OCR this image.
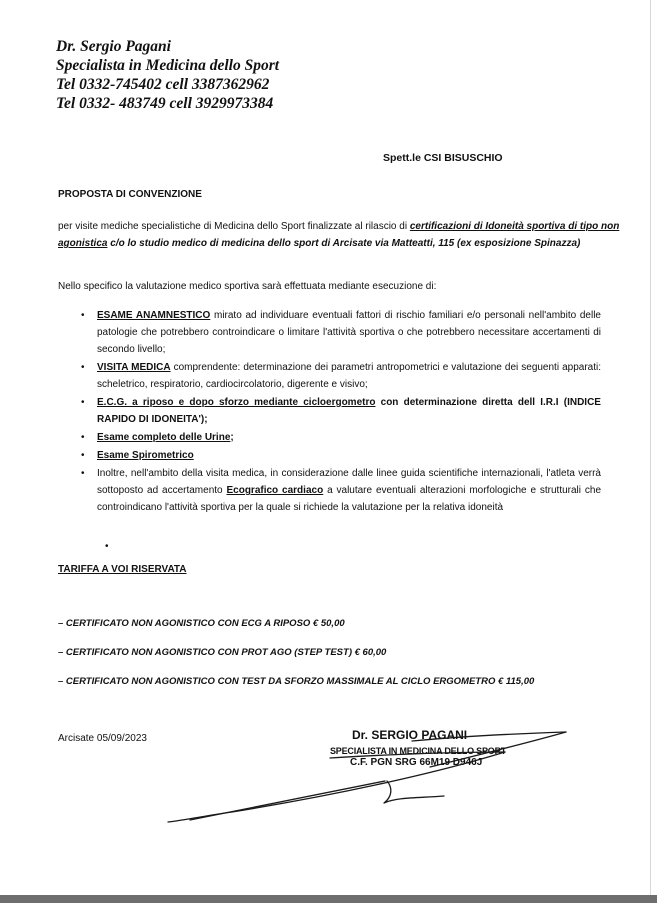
Dr. Sergio Pagani
Specialista in Medicina dello Sport
Tel 0332-745402 cell 3387362962
Tel 0332- 483749 cell 3929973384
Spett.le CSI BISUSCHIO
PROPOSTA DI CONVENZIONE
per visite mediche specialistiche di Medicina dello Sport finalizzate al rilascio di certificazioni di Idoneità sportiva di tipo non agonistica c/o lo studio medico di medicina dello sport di Arcisate via Matteatti, 115 (ex esposizione Spinazza)
Nello specifico la valutazione medico sportiva sarà effettuata mediante esecuzione di:
• ESAME ANAMNESTICO mirato ad individuare eventuali fattori di rischio familiari e/o personali nell'ambito delle patologie che potrebbero controindicare o limitare l'attività sportiva o che potrebbero necessitare accertamenti di secondo livello;
• VISITA MEDICA comprendente: determinazione dei parametri antropometrici e valutazione dei seguenti apparati: scheletrico, respiratorio, cardiocircolatorio, digerente e visivo;
• E.C.G. a riposo e dopo sforzo mediante cicloergometro con determinazione diretta dell I.R.I (INDICE RAPIDO DI IDONEITA');
• Esame completo delle Urine;
• Esame Spirometrico
• Inoltre, nell'ambito della visita medica, in considerazione dalle linee guida scientifiche internazionali, l'atleta verrà sottoposto ad accertamento Ecografico cardiaco a valutare eventuali alterazioni morfologiche e strutturali che controindicano l'attività sportiva per la quale si richiede la valutazione per la relativa idoneità
•
TARIFFA A VOI RISERVATA
– CERTIFICATO NON AGONISTICO CON ECG A RIPOSO € 50,00
– CERTIFICATO NON AGONISTICO CON PROT AGO (STEP TEST) € 60,00
– CERTIFICATO NON AGONISTICO CON TEST DA SFORZO MASSIMALE AL CICLO ERGOMETRO € 115,00
Arcisate 05/09/2023	Dr. SERGIO PAGANI
SPECIALISTA IN MEDICINA DELLO SPORT
C.F. PGN SRG 66M19 D946J
